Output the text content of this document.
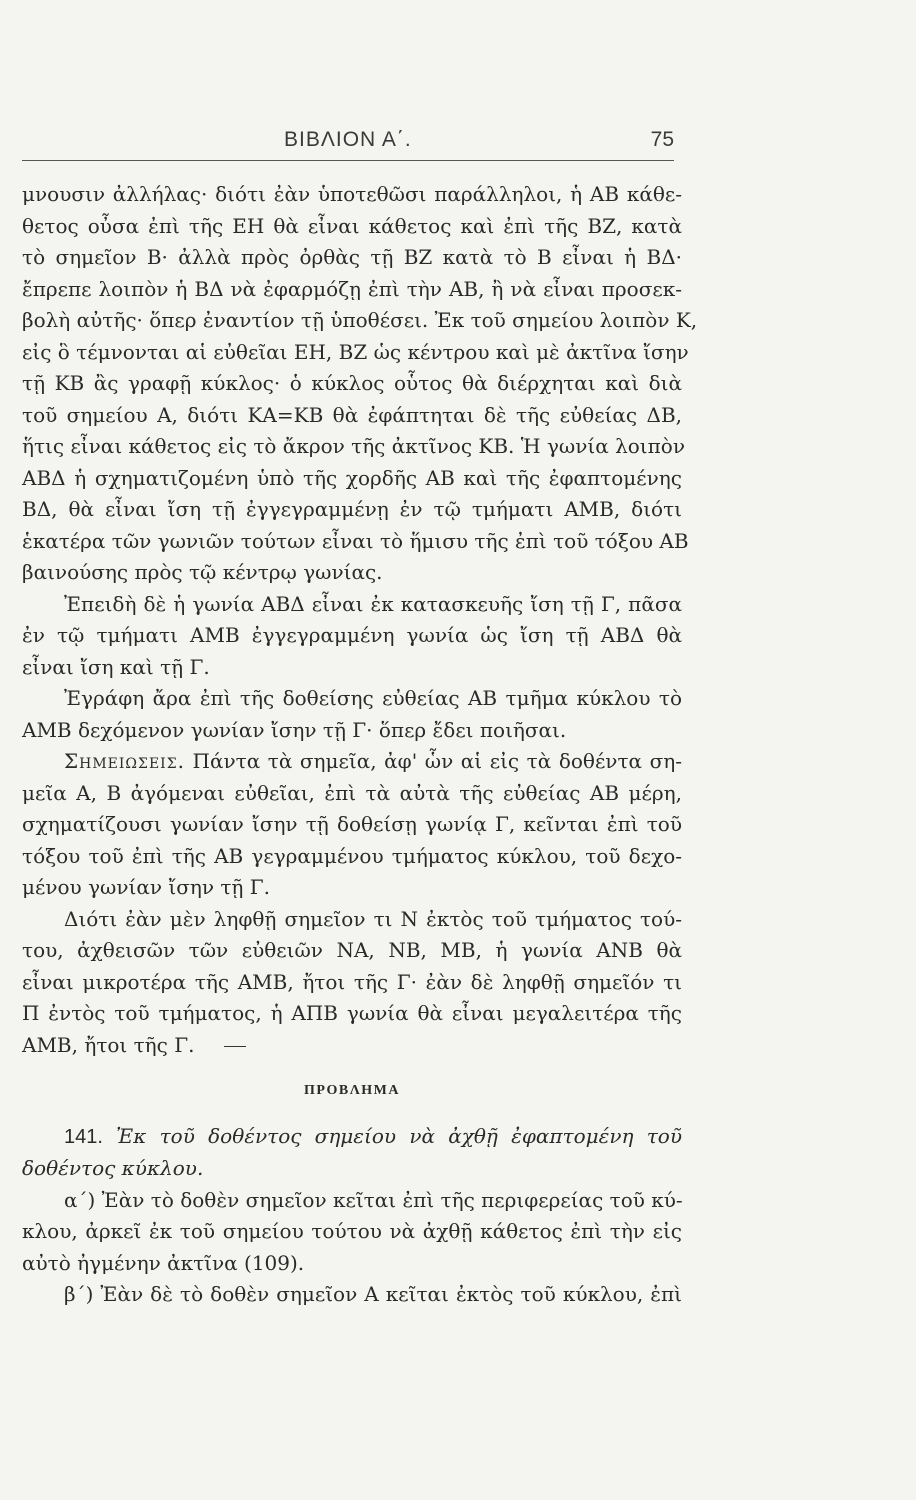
ΒΙΒΛΙΟΝ Α΄.	75
μνουσιν ἀλλήλας· διότι ἐὰν ὑποτεθῶσι παράλληλοι, ἡ ΑΒ κάθε-
θετος οὖσα ἐπὶ τῆς ΕΗ θὰ εἶναι κάθετος καὶ ἐπὶ τῆς ΒΖ, κατὰ
τὸ σημεῖον Β· ἀλλὰ πρὸς ὀρθὰς τῇ ΒΖ κατὰ τὸ Β εἶναι ἡ ΒΔ·
ἔπρεπε λοιπὸν ἡ ΒΔ νὰ ἐφαρμόζῃ ἐπὶ τὴν ΑΒ, ἢ νὰ εἶναι προσεκ-
βολὴ αὐτῆς· ὅπερ ἐναντίον τῇ ὑποθέσει. Ἐκ τοῦ σημείου λοιπὸν Κ,
εἰς ὃ τέμνονται αἱ εὐθεῖαι ΕΗ, ΒΖ ὡς κέντρου καὶ μὲ ἀκτῖνα ἴσην
τῇ ΚΒ ἂς γραφῇ κύκλος· ὁ κύκλος οὗτος θὰ διέρχηται καὶ διὰ
τοῦ σημείου Α, διότι ΚΑ=ΚΒ θὰ ἐφάπτηται δὲ τῆς εὐθείας ΔΒ,
ἥτις εἶναι κάθετος εἰς τὸ ἄκρον τῆς ἀκτῖνος ΚΒ. Ἡ γωνία λοιπὸν
ΑΒΔ ἡ σχηματιζομένη ὑπὸ τῆς χορδῆς ΑΒ καὶ τῆς ἐφαπτομένης
ΒΔ, θὰ εἶναι ἴση τῇ ἐγγεγραμμένῃ ἐν τῷ τμήματι ΑΜΒ, διότι
ἑκατέρα τῶν γωνιῶν τούτων εἶναι τὸ ἥμισυ τῆς ἐπὶ τοῦ τόξου ΑΒ
βαινούσης πρὸς τῷ κέντρῳ γωνίας.
Ἐπειδὴ δὲ ἡ γωνία ΑΒΔ εἶναι ἐκ κατασκευῆς ἴση τῇ Γ, πᾶσα
ἐν τῷ τμήματι ΑΜΒ ἐγγεγραμμένη γωνία ὡς ἴση τῇ ΑΒΔ θὰ
εἶναι ἴση καὶ τῇ Γ.
Ἐγράφη ἄρα ἐπὶ τῆς δοθείσης εὐθείας ΑΒ τμῆμα κύκλου τὸ
ΑΜΒ δεχόμενον γωνίαν ἴσην τῇ Γ· ὅπερ ἔδει ποιῆσαι.
Σημειωσεις. Πάντα τὰ σημεῖα, ἀφ' ὧν αἱ εἰς τὰ δοθέντα ση-
μεῖα Α, Β ἀγόμεναι εὐθεῖαι, ἐπὶ τὰ αὐτὰ τῆς εὐθείας ΑΒ μέρη,
σχηματίζουσι γωνίαν ἴσην τῇ δοθείσῃ γωνίᾳ Γ, κεῖνται ἐπὶ τοῦ
τόξου τοῦ ἐπὶ τῆς ΑΒ γεγραμμένου τμήματος κύκλου, τοῦ δεχο-
μένου γωνίαν ἴσην τῇ Γ.
Διότι ἐὰν μὲν ληφθῇ σημεῖον τι Ν ἐκτὸς τοῦ τμήματος τού-
του, ἀχθεισῶν τῶν εὐθειῶν ΝΑ, ΝΒ, ΜΒ, ἡ γωνία ΑΝΒ θὰ
εἶναι μικροτέρα τῆς ΑΜΒ, ἤτοι τῆς Γ· ἐὰν δὲ ληφθῇ σημεῖόν τι
Π ἐντὸς τοῦ τμήματος, ἡ ΑΠΒ γωνία θὰ εἶναι μεγαλειτέρα τῆς
ΑΜΒ, ἤτοι τῆς Γ.
ΠΡΟΒΛΗΜΑ
141. Ἐκ τοῦ δοθέντος σημείου νὰ ἀχθῇ ἐφαπτομένη τοῦ
δοθέντος κύκλου.
α΄) Ἐὰν τὸ δοθὲν σημεῖον κεῖται ἐπὶ τῆς περιφερείας τοῦ κύ-
κλου, ἀρκεῖ ἐκ τοῦ σημείου τούτου νὰ ἀχθῇ κάθετος ἐπὶ τὴν εἰς
αὐτὸ ἠγμένην ἀκτῖνα (109).
β΄) Ἐὰν δὲ τὸ δοθὲν σημεῖον Α κεῖται ἐκτὸς τοῦ κύκλου, ἐπὶ
